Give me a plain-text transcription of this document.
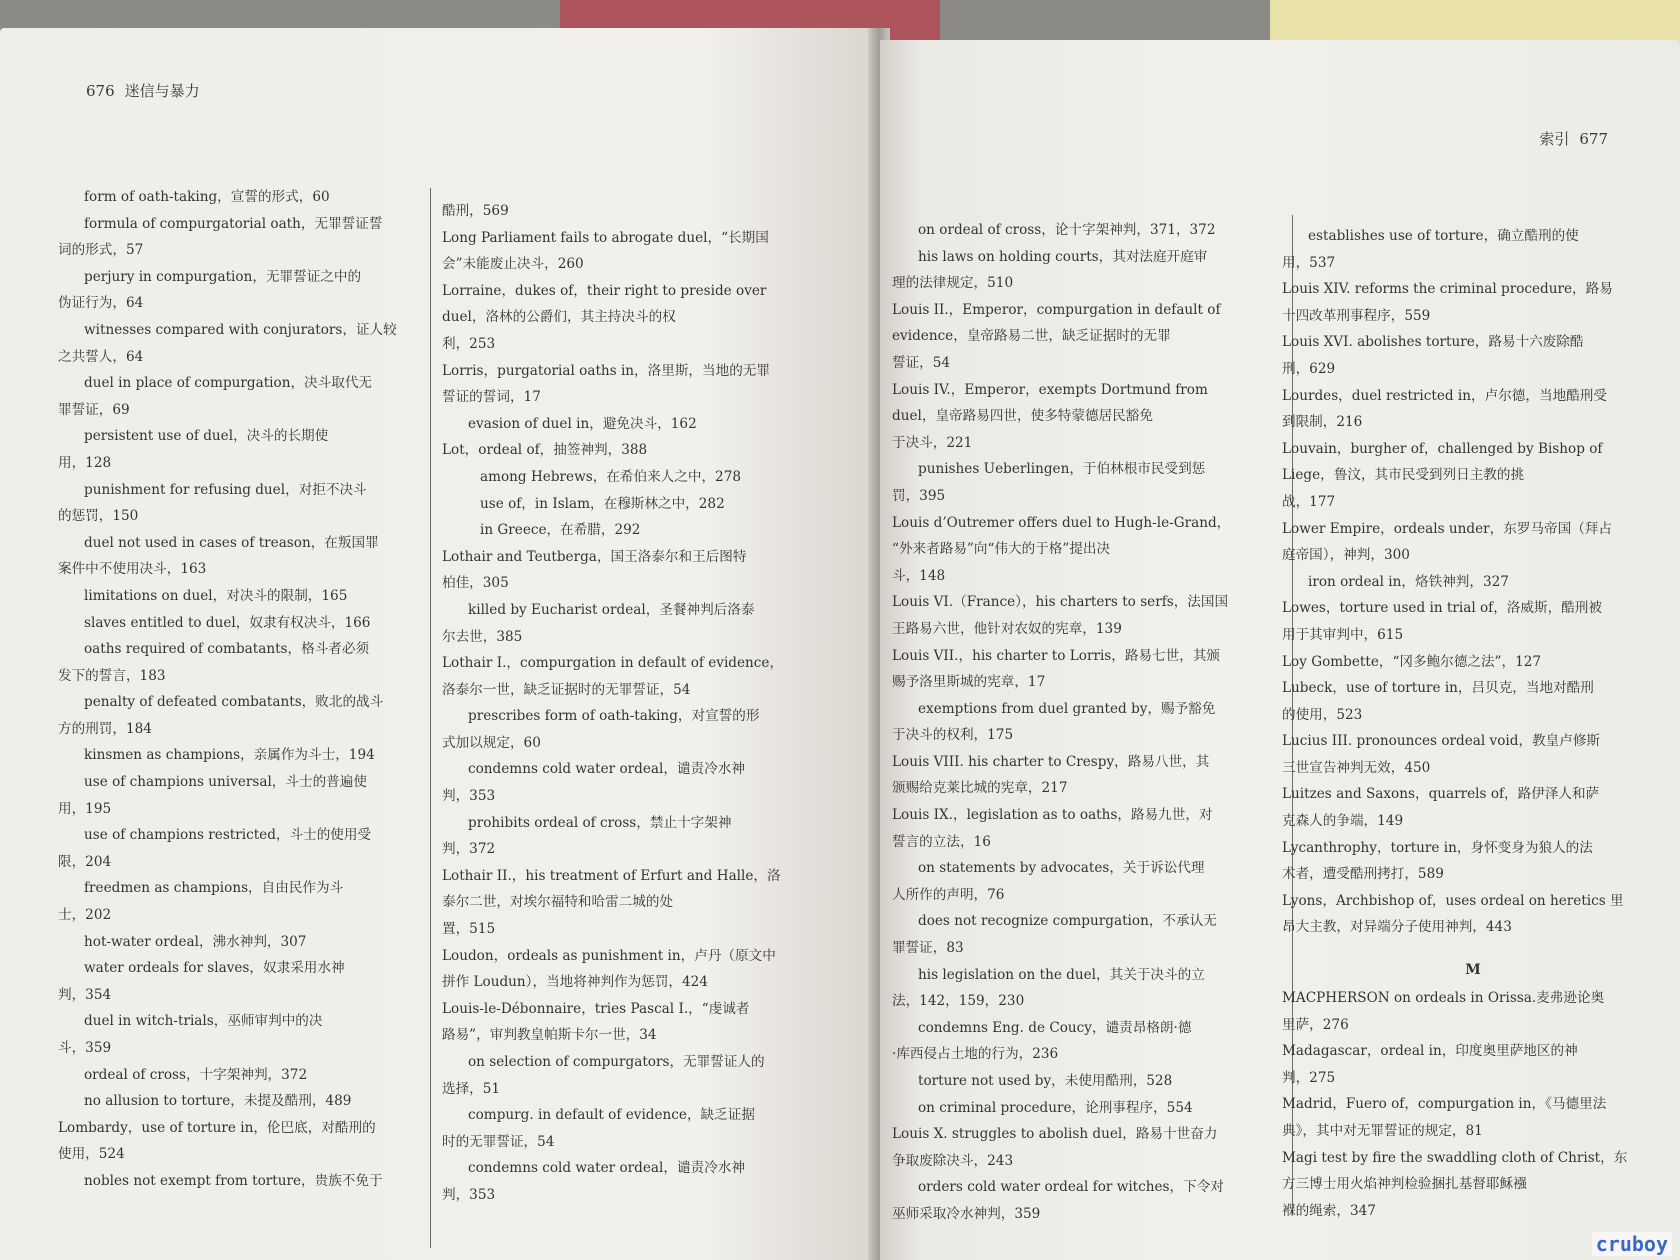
676 迷信与暴力
form of oath-taking，宣誓的形式，60
formula of compurgatorial oath，无罪誓证誓
词的形式，57
perjury in compurgation，无罪誓证之中的
伪证行为，64
witnesses compared with conjurators，证人较
之共誓人，64
duel in place of compurgation，决斗取代无
罪誓证，69
persistent use of duel，决斗的长期使
用，128
punishment for refusing duel，对拒不决斗
的惩罚，150
duel not used in cases of treason，在叛国罪
案件中不使用决斗，163
limitations on duel，对决斗的限制，165
slaves entitled to duel，奴隶有权决斗，166
oaths required of combatants，格斗者必须
发下的誓言，183
penalty of defeated combatants，败北的战斗
方的刑罚，184
kinsmen as champions，亲属作为斗士，194
use of champions universal，斗士的普遍使
用，195
use of champions restricted，斗士的使用受
限，204
freedmen as champions，自由民作为斗
士，202
hot-water ordeal，沸水神判，307
water ordeals for slaves，奴隶采用水神
判，354
duel in witch-trials，巫师审判中的决
斗，359
ordeal of cross，十字架神判，372
no allusion to torture，未提及酷刑，489
Lombardy，use of torture in，伦巴底，对酷刑的
使用，524
nobles not exempt from torture，贵族不免于
酷刑，569
Long Parliament fails to abrogate duel，“长期国
会”未能废止决斗，260
Lorraine，dukes of，their right to preside over
duel，洛林的公爵们，其主持决斗的权
利，253
Lorris，purgatorial oaths in，洛里斯，当地的无罪
誓证的誓词，17
evasion of duel in，避免决斗，162
Lot，ordeal of，抽签神判，388
among Hebrews，在希伯来人之中，278
use of，in Islam，在穆斯林之中，282
in Greece，在希腊，292
Lothair and Teutberga，国王洛泰尔和王后图特
柏佳，305
killed by Eucharist ordeal，圣餐神判后洛泰
尔去世，385
Lothair I.，compurgation in default of evidence，
洛泰尔一世，缺乏证据时的无罪誓证，54
prescribes form of oath-taking，对宣誓的形
式加以规定，60
condemns cold water ordeal，谴责冷水神
判，353
prohibits ordeal of cross，禁止十字架神
判，372
Lothair II.，his treatment of Erfurt and Halle，洛
泰尔二世，对埃尔福特和哈雷二城的处
置，515
Loudon，ordeals as punishment in，卢丹（原文中
拼作 Loudun），当地将神判作为惩罚，424
Louis-le-Débonnaire，tries Pascal I.，“虔诚者
路易”，审判教皇帕斯卡尔一世，34
on selection of compurgators，无罪誓证人的
选择，51
compurg. in default of evidence，缺乏证据
时的无罪誓证，54
condemns cold water ordeal，谴责冷水神
判，353
索引 677
on ordeal of cross，论十字架神判，371，372
his laws on holding courts，其对法庭开庭审
理的法律规定，510
Louis II.，Emperor，compurgation in default of
evidence，皇帝路易二世，缺乏证据时的无罪
誓证，54
Louis IV.，Emperor，exempts Dortmund from
duel，皇帝路易四世，使多特蒙德居民豁免
于决斗，221
punishes Ueberlingen，于伯林根市民受到惩
罚，395
Louis d’Outremer offers duel to Hugh-le-Grand，
“外来者路易”向“伟大的于格”提出决
斗，148
Louis VI.（France），his charters to serfs，法国国
王路易六世，他针对农奴的宪章，139
Louis VII.，his charter to Lorris，路易七世，其颁
赐予洛里斯城的宪章，17
exemptions from duel granted by，赐予豁免
于决斗的权利，175
Louis VIII. his charter to Crespy，路易八世，其
颁赐给克莱比城的宪章，217
Louis IX.，legislation as to oaths，路易九世，对
誓言的立法，16
on statements by advocates，关于诉讼代理
人所作的声明，76
does not recognize compurgation，不承认无
罪誓证，83
his legislation on the duel，其关于决斗的立
法，142，159，230
condemns Eng. de Coucy，谴责昂格朗·德
·库西侵占土地的行为，236
torture not used by，未使用酷刑，528
on criminal procedure，论刑事程序，554
Louis X. struggles to abolish duel，路易十世奋力
争取废除决斗，243
orders cold water ordeal for witches，下令对
巫师采取冷水神判，359
establishes use of torture，确立酷刑的使
用，537
Louis XIV. reforms the criminal procedure，路易
十四改革刑事程序，559
Louis XVI. abolishes torture，路易十六废除酷
刑，629
Lourdes，duel restricted in，卢尔德，当地酷刑受
到限制，216
Louvain，burgher of，challenged by Bishop of
Liege，鲁汶，其市民受到列日主教的挑
战，177
Lower Empire，ordeals under，东罗马帝国（拜占
庭帝国），神判，300
iron ordeal in，烙铁神判，327
Lowes，torture used in trial of，洛威斯，酷刑被
用于其审判中，615
Loy Gombette，“冈多鲍尔德之法”，127
Lubeck，use of torture in，吕贝克，当地对酷刑
的使用，523
Lucius III. pronounces ordeal void，教皇卢修斯
三世宣告神判无效，450
Luitzes and Saxons，quarrels of，路伊泽人和萨
克森人的争端，149
Lycanthrophy，torture in，身怀变身为狼人的法
术者，遭受酷刑拷打，589
Lyons，Archbishop of，uses ordeal on heretics 里
昂大主教，对异端分子使用神判，443
M
MACPHERSON on ordeals in Orissa.麦弗逊论奥
里萨，276
Madagascar，ordeal in，印度奥里萨地区的神
判，275
Madrid，Fuero of，compurgation in，《马德里法
典》，其中对无罪誓证的规定，81
Magi test by fire the swaddling cloth of Christ，东
方三博士用火焰神判检验捆扎基督耶稣襁
褓的绳索，347
cruboy
